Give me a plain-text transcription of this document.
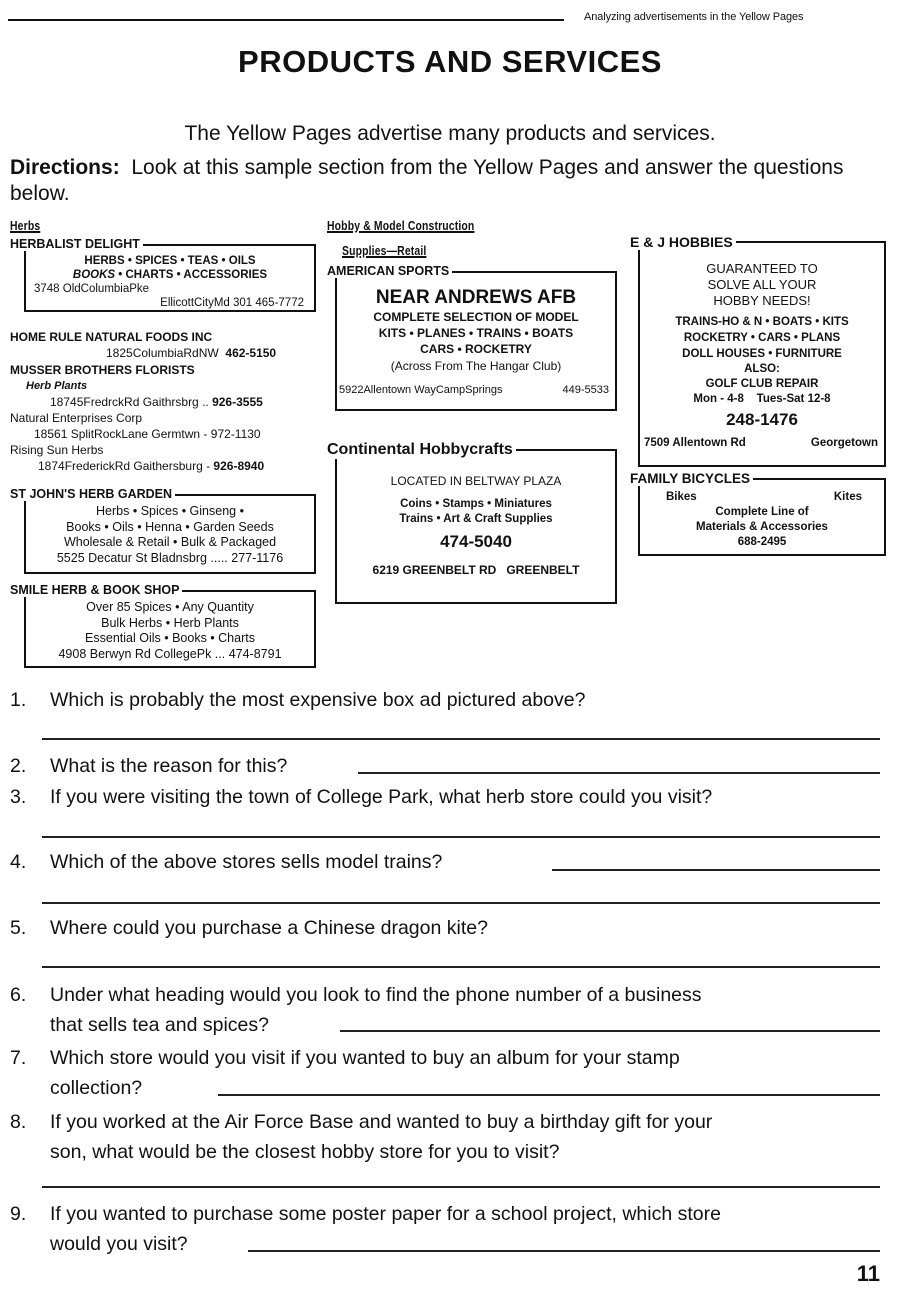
Analyzing advertisements in the Yellow Pages
PRODUCTS AND SERVICES
The Yellow Pages advertise many products and services.
Directions: Look at this sample section from the Yellow Pages and answer the questions below.
Herbs
HERBALIST DELIGHT
HERBS • SPICES • TEAS • OILS
BOOKS • CHARTS • ACCESSORIES
3748 OldColumbiaPke
EllicottCityMd 301 465-7772
HOME RULE NATURAL FOODS INC
1825ColumbiaRdNW 462-5150
MUSSER BROTHERS FLORISTS
Herb Plants
18745FredrckRd Gaithrsbrg .. 926-3555
Natural Enterprises Corp
18561 SplitRockLane Germtwn - 972-1130
Rising Sun Herbs
1874FrederickRd Gaithersburg - 926-8940
ST JOHN'S HERB GARDEN
Herbs • Spices • Ginseng •
Books • Oils • Henna • Garden Seeds
Wholesale & Retail • Bulk & Packaged
5525 Decatur St Bladnsbrg ..... 277-1176
SMILE HERB & BOOK SHOP
Over 85 Spices • Any Quantity
Bulk Herbs • Herb Plants
Essential Oils • Books • Charts
4908 Berwyn Rd CollegePk ... 474-8791
Hobby & Model Construction
Supplies—Retail
AMERICAN SPORTS
NEAR ANDREWS AFB
COMPLETE SELECTION OF MODEL
KITS • PLANES • TRAINS • BOATS
CARS • ROCKETRY
(Across From The Hangar Club)
5922Allentown WayCampSprings	449-5533
Continental Hobbycrafts
LOCATED IN BELTWAY PLAZA
Coins • Stamps • Miniatures
Trains • Art & Craft Supplies
474-5040
6219 GREENBELT RD   GREENBELT
E & J HOBBIES
GUARANTEED TO
SOLVE ALL YOUR
HOBBY NEEDS!
TRAINS-HO & N • BOATS • KITS
ROCKETRY • CARS • PLANS
DOLL HOUSES • FURNITURE
ALSO:
GOLF CLUB REPAIR
Mon - 4-8 Tues-Sat 12-8
248-1476
7509 Allentown Rd	Georgetown
FAMILY BICYCLES
Bikes	Kites
Complete Line of
Materials & Accessories
688-2495
1. Which is probably the most expensive box ad pictured above?
2. What is the reason for this?
3. If you were visiting the town of College Park, what herb store could you visit?
4. Which of the above stores sells model trains?
5. Where could you purchase a Chinese dragon kite?
6. Under what heading would you look to find the phone number of a business
that sells tea and spices?
7. Which store would you visit if you wanted to buy an album for your stamp
collection?
8. If you worked at the Air Force Base and wanted to buy a birthday gift for your
son, what would be the closest hobby store for you to visit?
9. If you wanted to purchase some poster paper for a school project, which store
would you visit?
11
